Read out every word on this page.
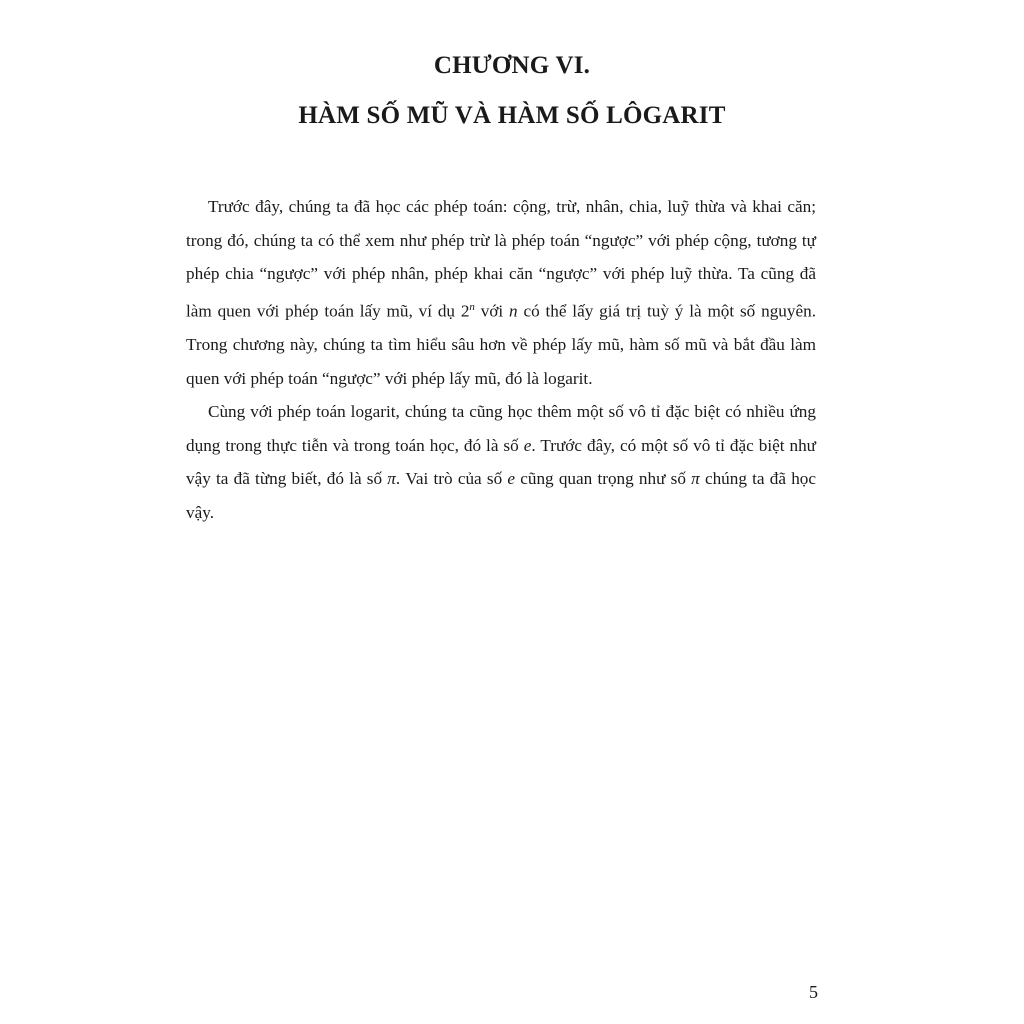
CHƯƠNG VI.
HÀM SỐ MŨ VÀ HÀM SỐ LÔGARIT

Trước đây, chúng ta đã học các phép toán: cộng, trừ, nhân, chia, luỹ thừa và khai căn; trong đó, chúng ta có thể xem như phép trừ là phép toán “ngược” với phép cộng, tương tự phép chia “ngược” với phép nhân, phép khai căn “ngược” với phép luỹ thừa. Ta cũng đã làm quen với phép toán lấy mũ, ví dụ 2$^n$ với n có thể lấy giá trị tuỳ ý là một số nguyên. Trong chương này, chúng ta tìm hiểu sâu hơn về phép lấy mũ, hàm số mũ và bắt đầu làm quen với phép toán “ngược” với phép lấy mũ, đó là logarit.

Cùng với phép toán logarit, chúng ta cũng học thêm một số vô tỉ đặc biệt có nhiều ứng dụng trong thực tiễn và trong toán học, đó là số e. Trước đây, có một số vô tỉ đặc biệt như vậy ta đã từng biết, đó là số π. Vai trò của số e cũng quan trọng như số π chúng ta đã học vậy.

5
